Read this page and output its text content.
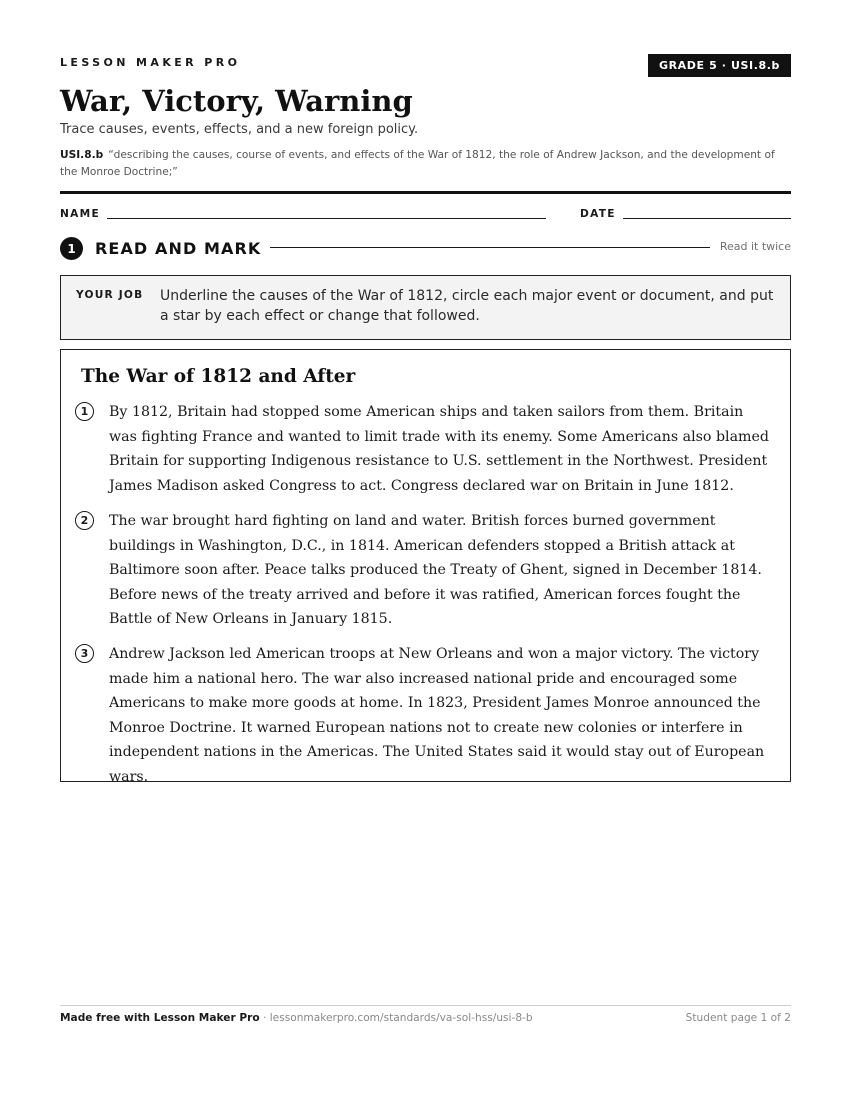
LESSON MAKER PRO	GRADE 5 · USI.8.b
War, Victory, Warning
Trace causes, events, effects, and a new foreign policy.
USI.8.b “describing the causes, course of events, and effects of the War of 1812, the role of Andrew Jackson, and the development of the Monroe Doctrine;”
NAME	DATE
1	READ AND MARK	Read it twice
YOUR JOB Underline the causes of the War of 1812, circle each major event or document, and put a star by each effect or change that followed.
The War of 1812 and After
1	By 1812, Britain had stopped some American ships and taken sailors from them. Britain was fighting France and wanted to limit trade with its enemy. Some Americans also blamed Britain for supporting Indigenous resistance to U.S. settlement in the Northwest. President James Madison asked Congress to act. Congress declared war on Britain in June 1812.
2	The war brought hard fighting on land and water. British forces burned government buildings in Washington, D.C., in 1814. American defenders stopped a British attack at Baltimore soon after. Peace talks produced the Treaty of Ghent, signed in December 1814. Before news of the treaty arrived and before it was ratified, American forces fought the Battle of New Orleans in January 1815.
3	Andrew Jackson led American troops at New Orleans and won a major victory. The victory made him a national hero. The war also increased national pride and encouraged some Americans to make more goods at home. In 1823, President James Monroe announced the Monroe Doctrine. It warned European nations not to create new colonies or interfere in independent nations in the Americas. The United States said it would stay out of European wars.
Made free with Lesson Maker Pro · lessonmakerpro.com/standards/va-sol-hss/usi-8-b	Student page 1 of 2
